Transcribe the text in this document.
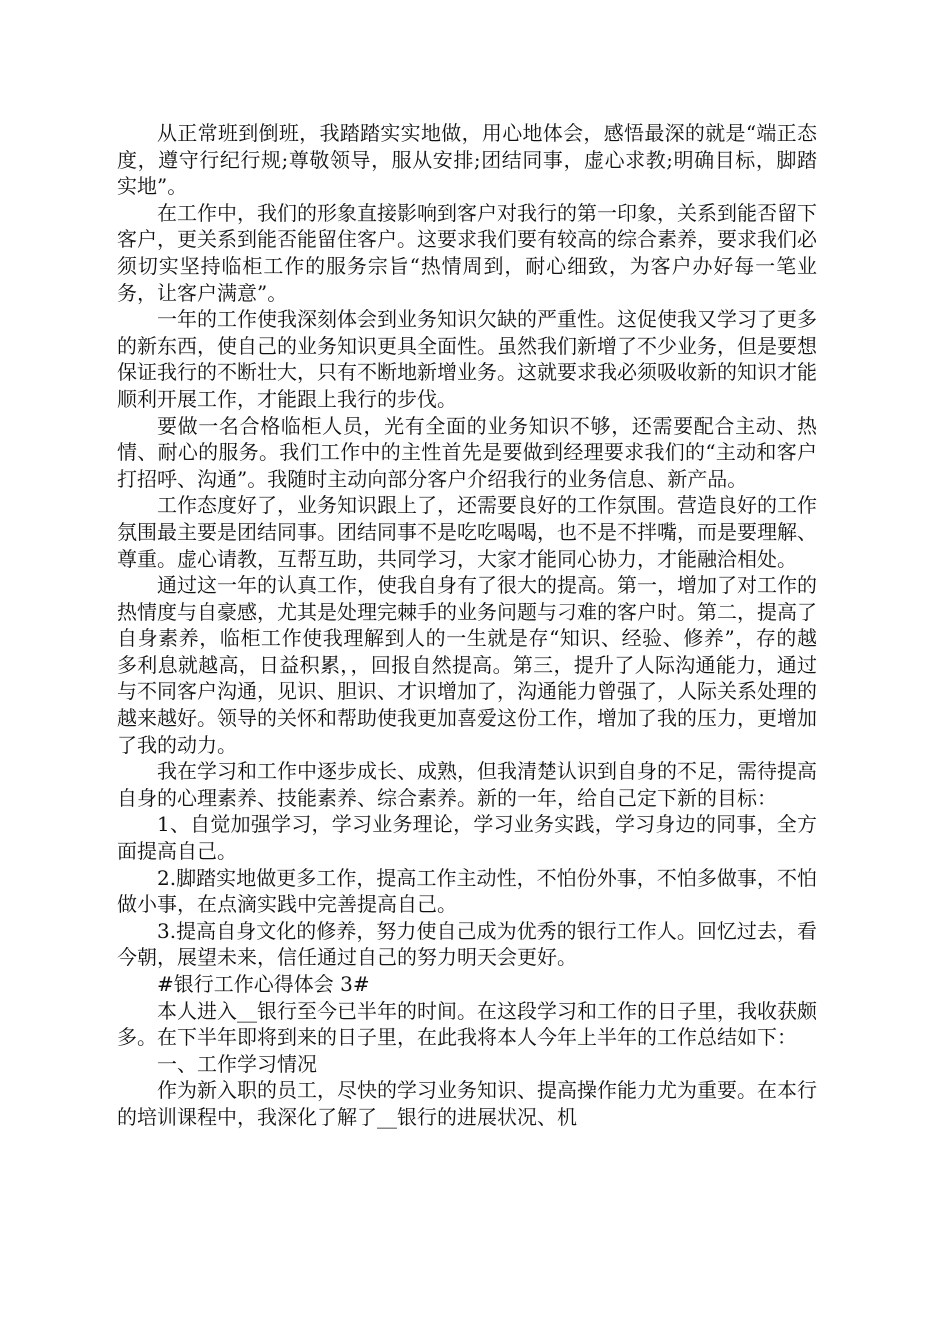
从正常班到倒班，我踏踏实实地做，用心地体会，感悟最深的就是“端正态度，遵守行纪行规;尊敬领导，服从安排;团结同事，虚心求教;明确目标，脚踏实地”。

在工作中，我们的形象直接影响到客户对我行的第一印象，关系到能否留下客户，更关系到能否能留住客户。这要求我们要有较高的综合素养，要求我们必须切实坚持临柜工作的服务宗旨“热情周到，耐心细致，为客户办好每一笔业务，让客户满意”。

一年的工作使我深刻体会到业务知识欠缺的严重性。这促使我又学习了更多的新东西，使自己的业务知识更具全面性。虽然我们新增了不少业务，但是要想保证我行的不断壮大，只有不断地新增业务。这就要求我必须吸收新的知识才能顺利开展工作，才能跟上我行的步伐。

要做一名合格临柜人员，光有全面的业务知识不够，还需要配合主动、热情、耐心的服务。我们工作中的主性首先是要做到经理要求我们的“主动和客户打招呼、沟通”。我随时主动向部分客户介绍我行的业务信息、新产品。

工作态度好了，业务知识跟上了，还需要良好的工作氛围。营造良好的工作氛围最主要是团结同事。团结同事不是吃吃喝喝，也不是不拌嘴，而是要理解、尊重。虚心请教，互帮互助，共同学习，大家才能同心协力，才能融洽相处。

通过这一年的认真工作，使我自身有了很大的提高。第一，增加了对工作的热情度与自豪感，尤其是处理完棘手的业务问题与刁难的客户时。第二，提高了自身素养，临柜工作使我理解到人的一生就是存“知识、经验、修养”，存的越多利息就越高，日益积累，，回报自然提高。第三，提升了人际沟通能力，通过与不同客户沟通，见识、胆识、才识增加了，沟通能力曾强了，人际关系处理的越来越好。领导的关怀和帮助使我更加喜爱这份工作，增加了我的压力，更增加了我的动力。

我在学习和工作中逐步成长、成熟，但我清楚认识到自身的不足，需待提高自身的心理素养、技能素养、综合素养。新的一年，给自己定下新的目标：

1、自觉加强学习，学习业务理论，学习业务实践，学习身边的同事，全方面提高自己。

2.脚踏实地做更多工作，提高工作主动性，不怕份外事，不怕多做事，不怕做小事，在点滴实践中完善提高自己。

3.提高自身文化的修养，努力使自己成为优秀的银行工作人。回忆过去，看今朝，展望未来，信任通过自己的努力明天会更好。

#银行工作心得体会 3#

本人进入__银行至今已半年的时间。在这段学习和工作的日子里，我收获颇多。在下半年即将到来的日子里，在此我将本人今年上半年的工作总结如下：

一、工作学习情况

作为新入职的员工，尽快的学习业务知识、提高操作能力尤为重要。在本行的培训课程中，我深化了解了__银行的进展状况、机
